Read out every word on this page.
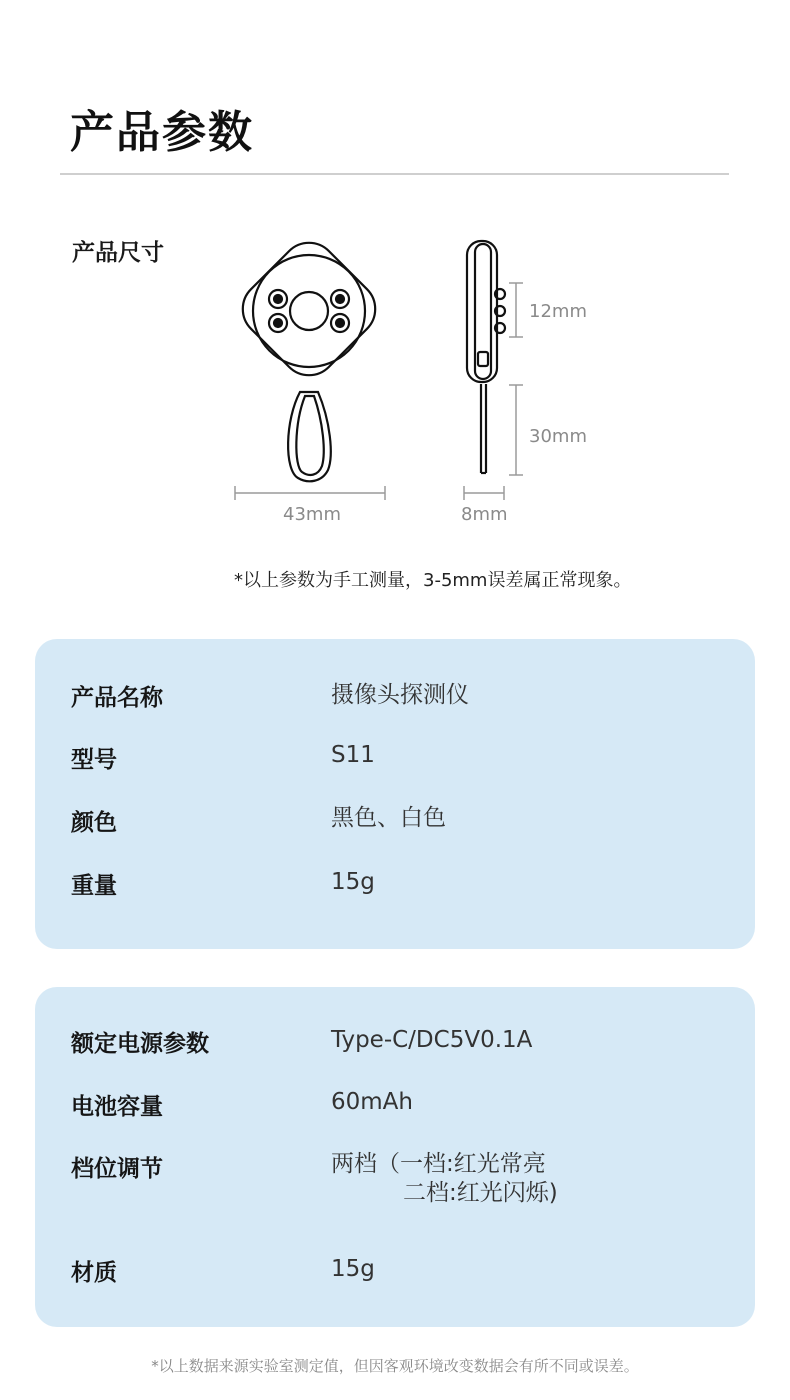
产品参数
产品尺寸
43mm	8mm
12mm
30mm
*以上参数为手工测量，3-5mm误差属正常现象。
产品名称	摄像头探测仪
型号	S11
颜色	黑色、白色
重量	15g
额定电源参数	Type-C/DC5V0.1A
电池容量	60mAh
档位调节	两档（一档:红光常亮
二档:红光闪烁)
材质	15g
*以上数据来源实验室测定值，但因客观环境改变数据会有所不同或误差。
